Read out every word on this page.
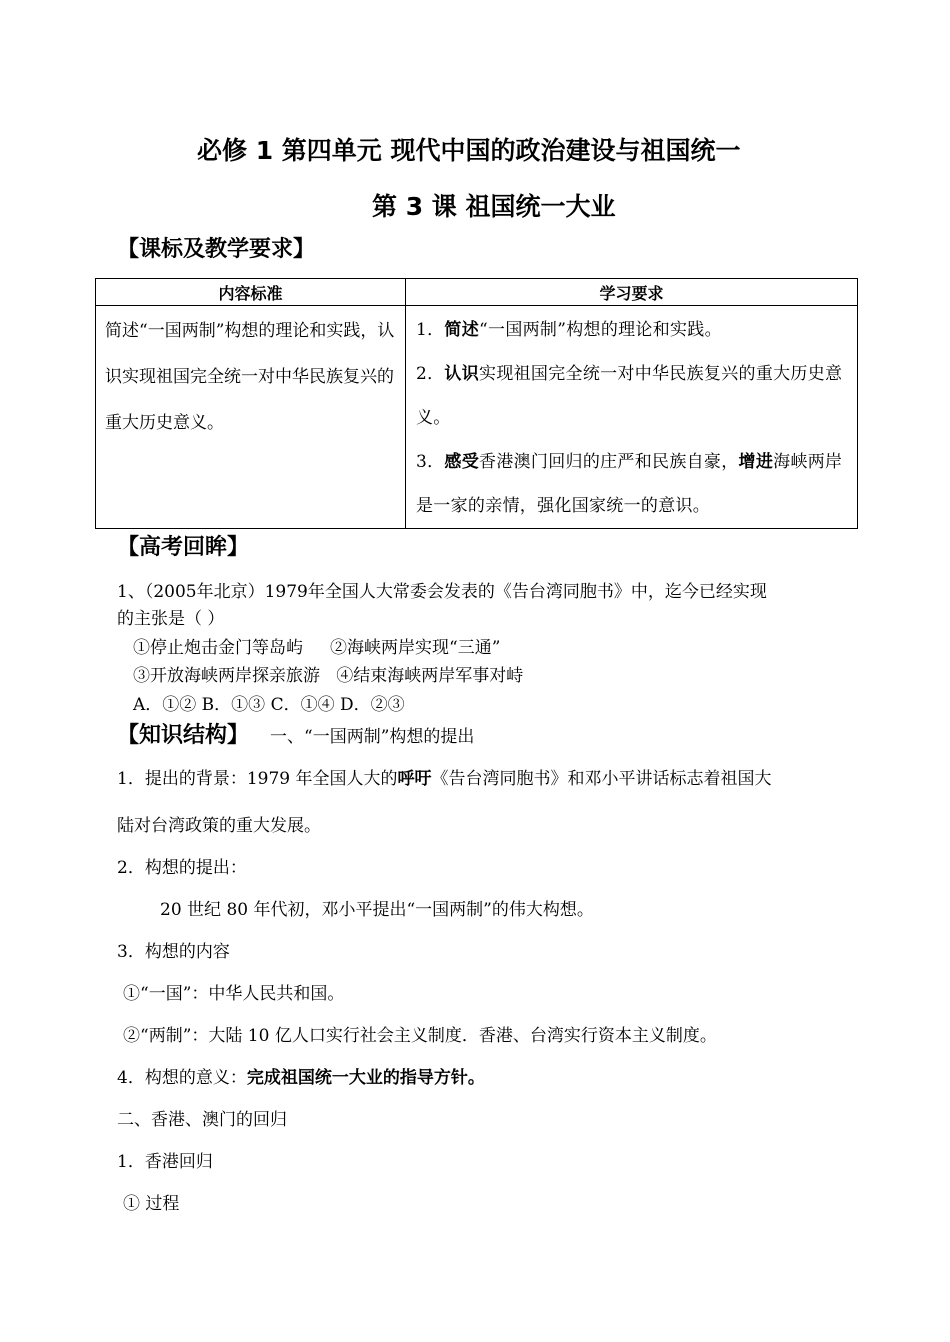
必修 1 第四单元 现代中国的政治建设与祖国统一
第 3 课 祖国统一大业
【课标及教学要求】
内容标准	学习要求
简述“一国两制”构想的理论和实践，认识实现祖国完全统一对中华民族复兴的重大历史意义。	1．简述“一国两制”构想的理论和实践。

2．认识实现祖国完全统一对中华民族复兴的重大历史意义。

3．感受香港澳门回归的庄严和民族自豪，增进海峡两岸是一家的亲情，强化国家统一的意识。

【高考回眸】
1、（2005年北京）1979年全国人大常委会发表的《告台湾同胞书》中，迄今已经实现
的主张是（ ）
①停止炮击金门等岛屿     ②海峡两岸实现“三通”
③开放海峡两岸探亲旅游   ④结束海峡两岸军事对峙
A．①② B．①③ C．①④ D．②③
【知识结构】 一、“一国两制”构想的提出
1．提出的背景：1979 年全国人大的呼吁《告台湾同胞书》和邓小平讲话标志着祖国大
陆对台湾政策的重大发展。
2．构想的提出：
20 世纪 80 年代初，邓小平提出“一国两制”的伟大构想。
3．构想的内容
①“一国”：中华人民共和国。
②“两制”：大陆 10 亿人口实行社会主义制度．香港、台湾实行资本主义制度。
4．构想的意义：完成祖国统一大业的指导方针。
二、香港、澳门的回归
1．香港回归
① 过程
